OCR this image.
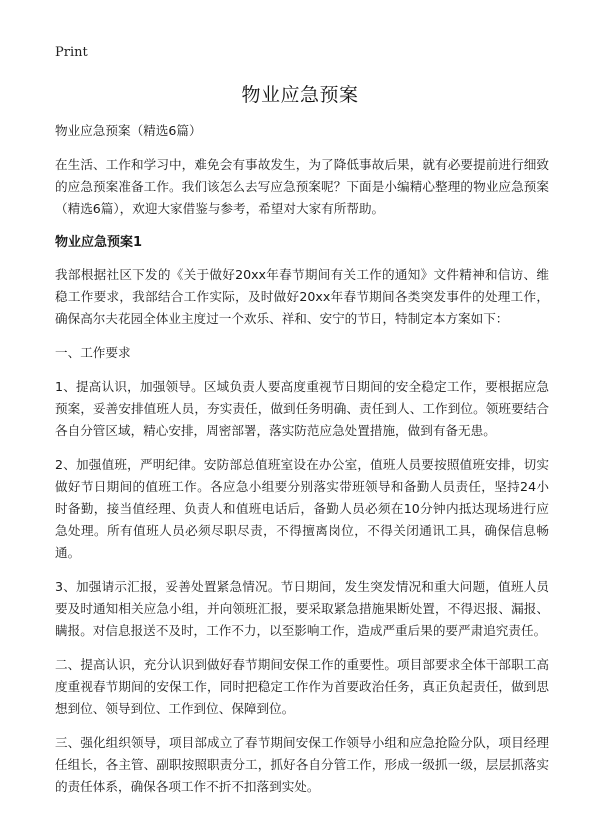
Print
物业应急预案

物业应急预案（精选6篇）

在生活、工作和学习中，难免会有事故发生，为了降低事故后果，就有必要提前进行细致的应急预案准备工作。我们该怎么去写应急预案呢？下面是小编精心整理的物业应急预案（精选6篇），欢迎大家借鉴与参考，希望对大家有所帮助。

物业应急预案1

我部根据社区下发的《关于做好20xx年春节期间有关工作的通知》文件精神和信访、维稳工作要求，我部结合工作实际，及时做好20xx年春节期间各类突发事件的处理工作，确保高尔夫花园全体业主度过一个欢乐、祥和、安宁的节日，特制定本方案如下：

一、工作要求

1、提高认识，加强领导。区域负责人要高度重视节日期间的安全稳定工作，要根据应急预案，妥善安排值班人员，夯实责任，做到任务明确、责任到人、工作到位。领班要结合各自分管区域，精心安排，周密部署，落实防范应急处置措施，做到有备无患。

2、加强值班，严明纪律。安防部总值班室设在办公室，值班人员要按照值班安排，切实做好节日期间的值班工作。各应急小组要分别落实带班领导和备勤人员责任，坚持24小时备勤，接当值经理、负责人和值班电话后，备勤人员必须在10分钟内抵达现场进行应急处理。所有值班人员必须尽职尽责，不得擅离岗位，不得关闭通讯工具，确保信息畅通。

3、加强请示汇报，妥善处置紧急情况。节日期间，发生突发情况和重大问题，值班人员要及时通知相关应急小组，并向领班汇报，要采取紧急措施果断处置，不得迟报、漏报、瞒报。对信息报送不及时，工作不力，以至影响工作，造成严重后果的要严肃追究责任。

二、提高认识，充分认识到做好春节期间安保工作的重要性。项目部要求全体干部职工高度重视春节期间的安保工作，同时把稳定工作作为首要政治任务，真正负起责任，做到思想到位、领导到位、工作到位、保障到位。

三、强化组织领导，项目部成立了春节期间安保工作领导小组和应急抢险分队，项目经理任组长，各主管、副职按照职责分工，抓好各自分管工作，形成一级抓一级，层层抓落实的责任体系，确保各项工作不折不扣落到实处。
